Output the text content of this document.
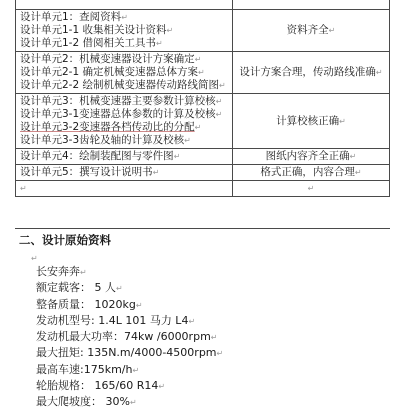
设计单元1：查阅资料↵
设计单元1-1 收集相关设计资料↵
设计单元1-2 借阅相关工具书↵	资料齐全↵
设计单元2：机械变速器设计方案确定↵
设计单元2-1 确定机械变速器总体方案↵
设计单元2-2 绘制机械变速器传动路线简图↵	设计方案合理，传动路线准确↵
设计单元3：机械变速器主要参数计算校核↵
设计单元3-1变速器总体参数的计算及校核↵
设计单元3-2变速器各档传动比的分配↵
设计单元3-3齿轮及轴的计算及校核↵	计算校核正确↵
设计单元4：绘制装配图与零件图↵	图纸内容齐全正确↵
设计单元5：撰写设计说明书↵	格式正确，内容合理↵
↵	↵
二、设计原始资料
↵
长安奔奔↵
额定载客： 5 人↵
整备质量： 1020kg↵
发动机型号: 1.4L 101 马力 L4↵
发动机最大功率：74kw /6000rpm↵
最大扭矩: 135N.m/4000-4500rpm↵
最高车速:175km/h↵
轮胎规格： 165/60 R14↵
最大爬坡度： 30%↵
